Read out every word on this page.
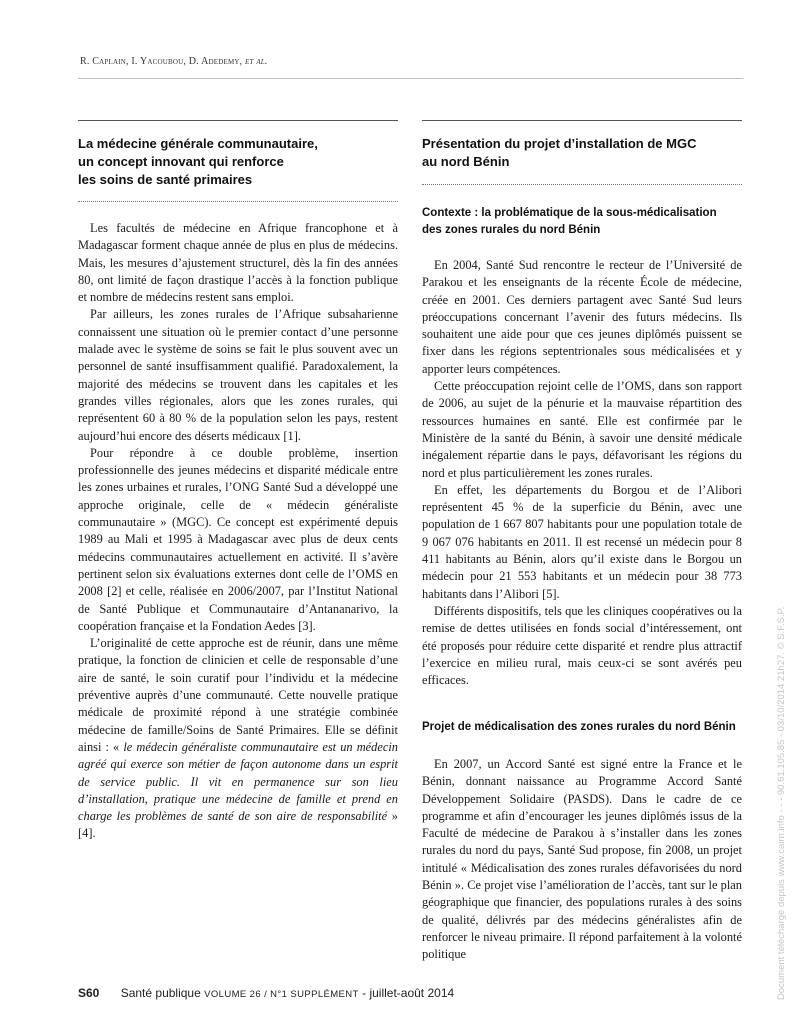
R. Caplain, I. Yacoubou, D. Adedemy, et al.
La médecine générale communautaire,
un concept innovant qui renforce
les soins de santé primaires

Les facultés de médecine en Afrique francophone et à Madagascar forment chaque année de plus en plus de médecins. Mais, les mesures d’ajustement structurel, dès la fin des années 80, ont limité de façon drastique l’accès à la fonction publique et nombre de médecins restent sans emploi.

Par ailleurs, les zones rurales de l’Afrique subsaharienne connaissent une situation où le premier contact d’une personne malade avec le système de soins se fait le plus souvent avec un personnel de santé insuffisamment qualifié. Paradoxalement, la majorité des médecins se trouvent dans les capitales et les grandes villes régionales, alors que les zones rurales, qui représentent 60 à 80 % de la population selon les pays, restent aujourd’hui encore des déserts médicaux [1].

Pour répondre à ce double problème, insertion professionnelle des jeunes médecins et disparité médicale entre les zones urbaines et rurales, l’ONG Santé Sud a développé une approche originale, celle de « médecin généraliste communautaire » (MGC). Ce concept est expérimenté depuis 1989 au Mali et 1995 à Madagascar avec plus de deux cents médecins communautaires actuellement en activité. Il s’avère pertinent selon six évaluations externes dont celle de l’OMS en 2008 [2] et celle, réalisée en 2006/2007, par l’Institut National de Santé Publique et Communautaire d’Antananarivo, la coopération française et la Fondation Aedes [3].

L’originalité de cette approche est de réunir, dans une même pratique, la fonction de clinicien et celle de responsable d’une aire de santé, le soin curatif pour l’individu et la médecine préventive auprès d’une communauté. Cette nouvelle pratique médicale de proximité répond à une stratégie combinée médecine de famille/Soins de Santé Primaires. Elle se définit ainsi : « le médecin généraliste communautaire est un médecin agréé qui exerce son métier de façon autonome dans un esprit de service public. Il vit en permanence sur son lieu d’installation, pratique une médecine de famille et prend en charge les problèmes de santé de son aire de responsabilité » [4].

Présentation du projet d’installation de MGC
au nord Bénin
Contexte : la problématique de la sous-médicalisation
des zones rurales du nord Bénin

En 2004, Santé Sud rencontre le recteur de l’Université de Parakou et les enseignants de la récente École de médecine, créée en 2001. Ces derniers partagent avec Santé Sud leurs préoccupations concernant l’avenir des futurs médecins. Ils souhaitent une aide pour que ces jeunes diplômés puissent se fixer dans les régions septentrionales sous médicalisées et y apporter leurs compétences.

Cette préoccupation rejoint celle de l’OMS, dans son rapport de 2006, au sujet de la pénurie et la mauvaise répartition des ressources humaines en santé. Elle est confirmée par le Ministère de la santé du Bénin, à savoir une densité médicale inégalement répartie dans le pays, défavorisant les régions du nord et plus particulièrement les zones rurales.

En effet, les départements du Borgou et de l’Alibori représentent 45 % de la superficie du Bénin, avec une population de 1 667 807 habitants pour une population totale de 9 067 076 habitants en 2011. Il est recensé un médecin pour 8 411 habitants au Bénin, alors qu’il existe dans le Borgou un médecin pour 21 553 habitants et un médecin pour 38 773 habitants dans l’Alibori [5].

Différents dispositifs, tels que les cliniques coopératives ou la remise de dettes utilisées en fonds social d’intéressement, ont été proposés pour réduire cette disparité et rendre plus attractif l’exercice en milieu rural, mais ceux-ci se sont avérés peu efficaces.

Projet de médicalisation des zones rurales du nord Bénin

En 2007, un Accord Santé est signé entre la France et le Bénin, donnant naissance au Programme Accord Santé Développement Solidaire (PASDS). Dans le cadre de ce programme et afin d’encourager les jeunes diplômés issus de la Faculté de médecine de Parakou à s’installer dans les zones rurales du nord du pays, Santé Sud propose, fin 2008, un projet intitulé « Médicalisation des zones rurales défavorisées du nord Bénin ». Ce projet vise l’amélioration de l’accès, tant sur le plan géographique que financier, des populations rurales à des soins de qualité, délivrés par des médecins généralistes afin de renforcer le niveau primaire. Il répond parfaitement à la volonté politique

S60 Santé publique VOLUME 26 / N°1 SUPPLÉMENT - juillet-août 2014	Document téléchargé depuis www.cairn.info - - - 90.61.105.85 - 03/10/2014 21h27. © S.F.S.P.
